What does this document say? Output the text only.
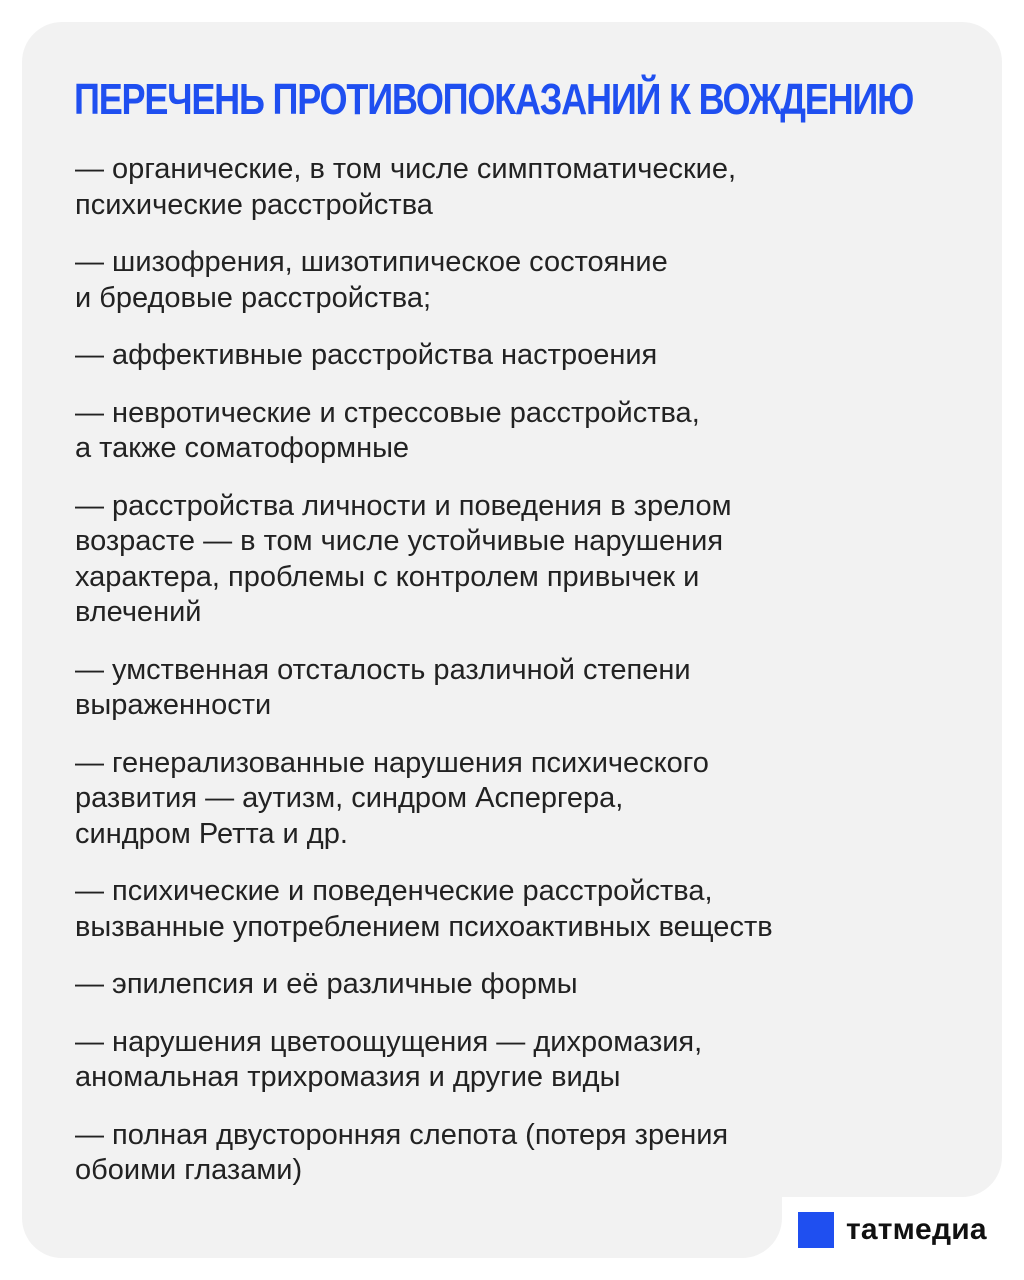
ПЕРЕЧЕНЬ ПРОТИВОПОКАЗАНИЙ К ВОЖДЕНИЮ
— органические, в том числе симптоматические,
психические расстройства
— шизофрения, шизотипическое состояние
и бредовые расстройства;
— аффективные расстройства настроения
— невротические и стрессовые расстройства,
а также соматоформные
— расстройства личности и поведения в зрелом
возрасте — в том числе устойчивые нарушения
характера, проблемы с контролем привычек и
влечений
— умственная отсталость различной степени
выраженности
— генерализованные нарушения психического
развития — аутизм, синдром Аспергера,
синдром Ретта и др.
— психические и поведенческие расстройства,
вызванные употреблением психоактивных веществ
— эпилепсия и её различные формы
— нарушения цветоощущения — дихромазия,
аномальная трихромазия и другие виды
— полная двусторонняя слепота (потеря зрения
обоими глазами)
татмедиа
